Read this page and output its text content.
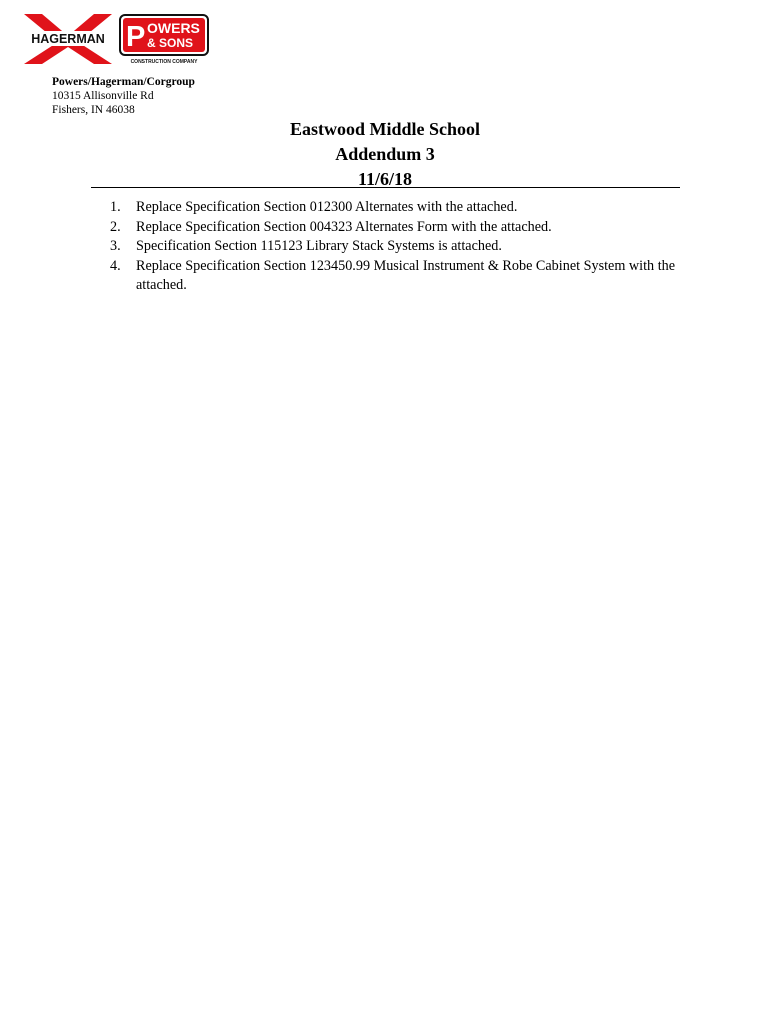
HAGERMAN P OWERS
& SONS
CONSTRUCTION COMPANY
Powers/Hagerman/Corgroup
10315 Allisonville Rd
Fishers, IN 46038
Eastwood Middle School
Addendum 3
11/6/18
1. Replace Specification Section 012300 Alternates with the attached.
2. Replace Specification Section 004323 Alternates Form with the attached.
3. Specification Section 115123 Library Stack Systems is attached.
4. Replace Specification Section 123450.99 Musical Instrument & Robe Cabinet System with the attached.
